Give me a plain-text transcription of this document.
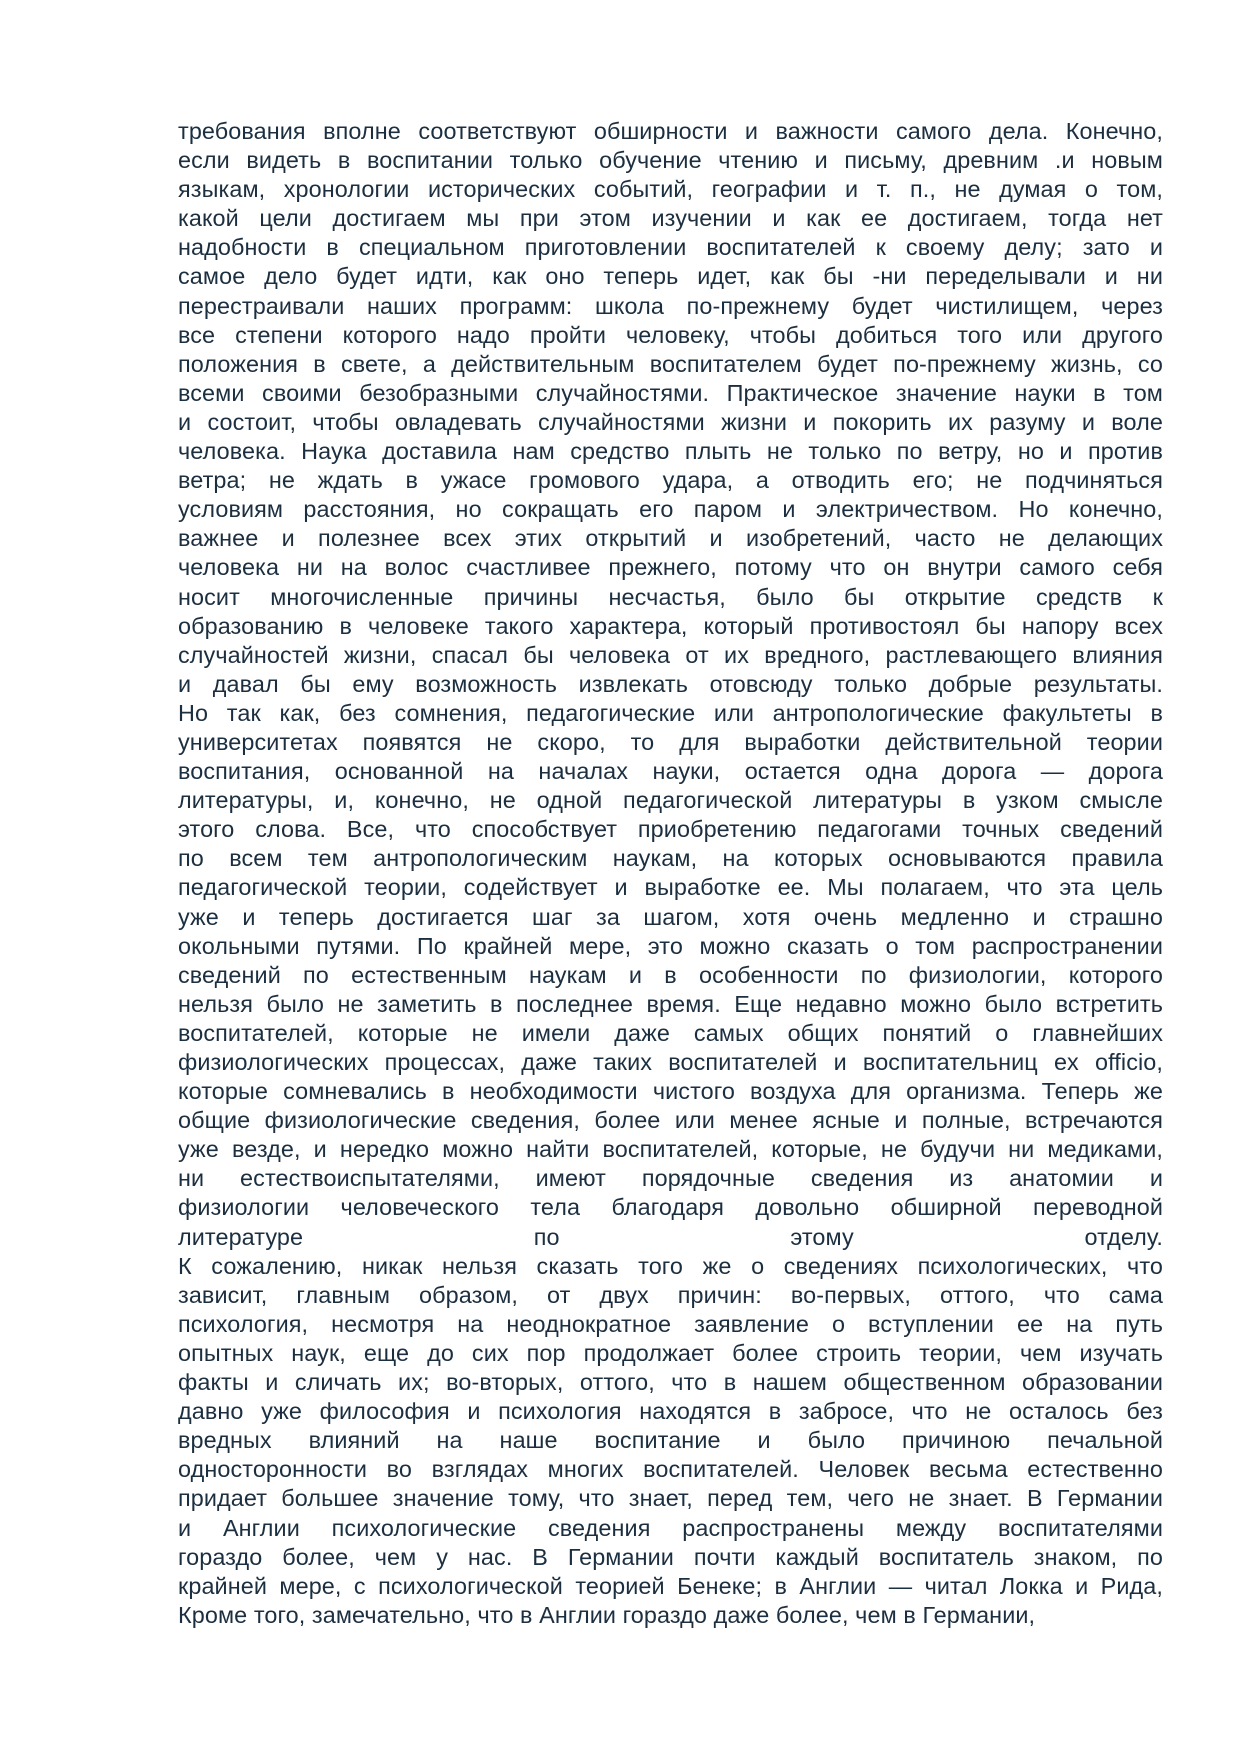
требования вполне соответствуют обширности и важности самого дела. Конечно,
если видеть в воспитании только обучение чтению и письму, древним .и новым
языкам, хронологии исторических событий, географии и т. п., не думая о том,
какой цели достигаем мы при этом изучении и как ее достигаем, тогда нет
надобности в специальном приготовлении воспитателей к своему делу; зато и
самое дело будет идти, как оно теперь идет, как бы -ни переделывали и ни
перестраивали наших программ: школа по-прежнему будет чистилищем, через
все степени которого надо пройти человеку, чтобы добиться того или другого
положения в свете, а действительным воспитателем будет по-прежнему жизнь, со
всеми своими безобразными случайностями. Практическое значение науки в том
и состоит, чтобы овладевать случайностями жизни и покорить их разуму и воле
человека. Наука доставила нам средство плыть не только по ветру, но и против
ветра; не ждать в ужасе громового удара, а отводить его; не подчиняться
условиям расстояния, но сокращать его паром и электричеством. Но конечно,
важнее и полезнее всех этих открытий и изобретений, часто не делающих
человека ни на волос счастливее прежнего, потому что он внутри самого себя
носит многочисленные причины несчастья, было бы открытие средств к
образованию в человеке такого характера, который противостоял бы напору всех
случайностей жизни, спасал бы человека от их вредного, растлевающего влияния
и давал бы ему возможность извлекать отовсюду только добрые результаты.
Но так как, без сомнения, педагогические или антропологические факультеты в
университетах появятся не скоро, то для выработки действительной теории
воспитания, основанной на началах науки, остается одна дорога — дорога
литературы, и, конечно, не одной педагогической литературы в узком смысле
этого слова. Все, что способствует приобретению педагогами точных сведений
по всем тем антропологическим наукам, на которых основываются правила
педагогической теории, содействует и выработке ее. Мы полагаем, что эта цель
уже и теперь достигается шаг за шагом, хотя очень медленно и страшно
окольными путями. По крайней мере, это можно сказать о том распространении
сведений по естественным наукам и в особенности по физиологии, которого
нельзя было не заметить в последнее время. Еще недавно можно было встретить
воспитателей, которые не имели даже самых общих понятий о главнейших
физиологических процессах, даже таких воспитателей и воспитательниц ex officio,
которые сомневались в необходимости чистого воздуха для организма. Теперь же
общие физиологические сведения, более или менее ясные и полные, встречаются
уже везде, и нередко можно найти воспитателей, которые, не будучи ни медиками,
ни естествоиспытателями, имеют порядочные сведения из анатомии и
физиологии человеческого тела благодаря довольно обширной переводной
литературе по этому отделу.
К сожалению, никак нельзя сказать того же о сведениях психологических, что
зависит, главным образом, от двух причин: во-первых, оттого, что сама
психология, несмотря на неоднократное заявление о вступлении ее на путь
опытных наук, еще до сих пор продолжает более строить теории, чем изучать
факты и сличать их; во-вторых, оттого, что в нашем общественном образовании
давно уже философия и психология находятся в забросе, что не осталось без
вредных влияний на наше воспитание и было причиною печальной
односторонности во взглядах многих воспитателей. Человек весьма естественно
придает большее значение тому, что знает, перед тем, чего не знает. В Германии
и Англии психологические сведения распространены между воспитателями
гораздо более, чем у нас. В Германии почти каждый воспитатель знаком, по
крайней мере, с психологической теорией Бенеке; в Англии — читал Локка и Рида,
Кроме того, замечательно, что в Англии гораздо даже более, чем в Германии,
